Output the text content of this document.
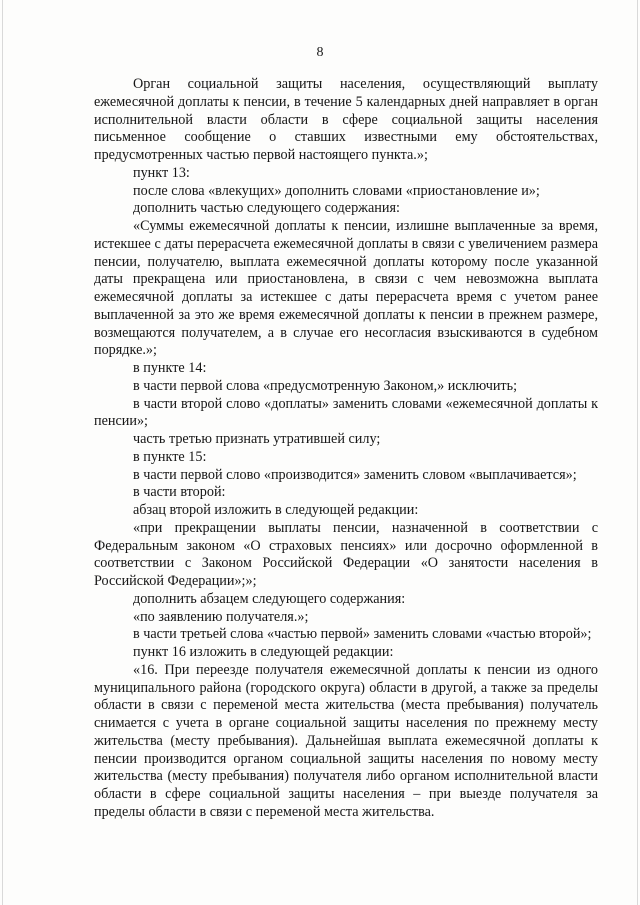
8

Орган социальной защиты населения, осуществляющий выплату ежемесячной доплаты к пенсии, в течение 5 календарных дней направляет в орган исполнительной власти области в сфере социальной защиты населения письменное сообщение о ставших известными ему обстоятельствах, предусмотренных частью первой настоящего пункта.»;

пункт 13:

после слова «влекущих» дополнить словами «приостановление и»;

дополнить частью следующего содержания:

«Суммы ежемесячной доплаты к пенсии, излишне выплаченные за время, истекшее с даты перерасчета ежемесячной доплаты в связи с увеличением размера пенсии, получателю, выплата ежемесячной доплаты которому после указанной даты прекращена или приостановлена, в связи с чем невозможна выплата ежемесячной доплаты за истекшее с даты перерасчета время с учетом ранее выплаченной за это же время ежемесячной доплаты к пенсии в прежнем размере, возмещаются получателем, а в случае его несогласия взыскиваются в судебном порядке.»;

в пункте 14:

в части первой слова «предусмотренную Законом,» исключить;

в части второй слово «доплаты» заменить словами «ежемесячной доплаты к пенсии»;

часть третью признать утратившей силу;

в пункте 15:

в части первой слово «производится» заменить словом «выплачивается»;

в части второй:

абзац второй изложить в следующей редакции:

«при прекращении выплаты пенсии, назначенной в соответствии с Федеральным законом «О страховых пенсиях» или досрочно оформленной в соответствии с Законом Российской Федерации «О занятости населения в Российской Федерации»;»;

дополнить абзацем следующего содержания:

«по заявлению получателя.»;

в части третьей слова «частью первой» заменить словами «частью второй»;

пункт 16 изложить в следующей редакции:

«16. При переезде получателя ежемесячной доплаты к пенсии из одного муниципального района (городского округа) области в другой, а также за пределы области в связи с переменой места жительства (места пребывания) получатель снимается с учета в органе социальной защиты населения по прежнему месту жительства (месту пребывания). Дальнейшая выплата ежемесячной доплаты к пенсии производится органом социальной защиты населения по новому месту жительства (месту пребывания) получателя либо органом исполнительной власти области в сфере социальной защиты населения – при выезде получателя за пределы области в связи с переменой места жительства.
